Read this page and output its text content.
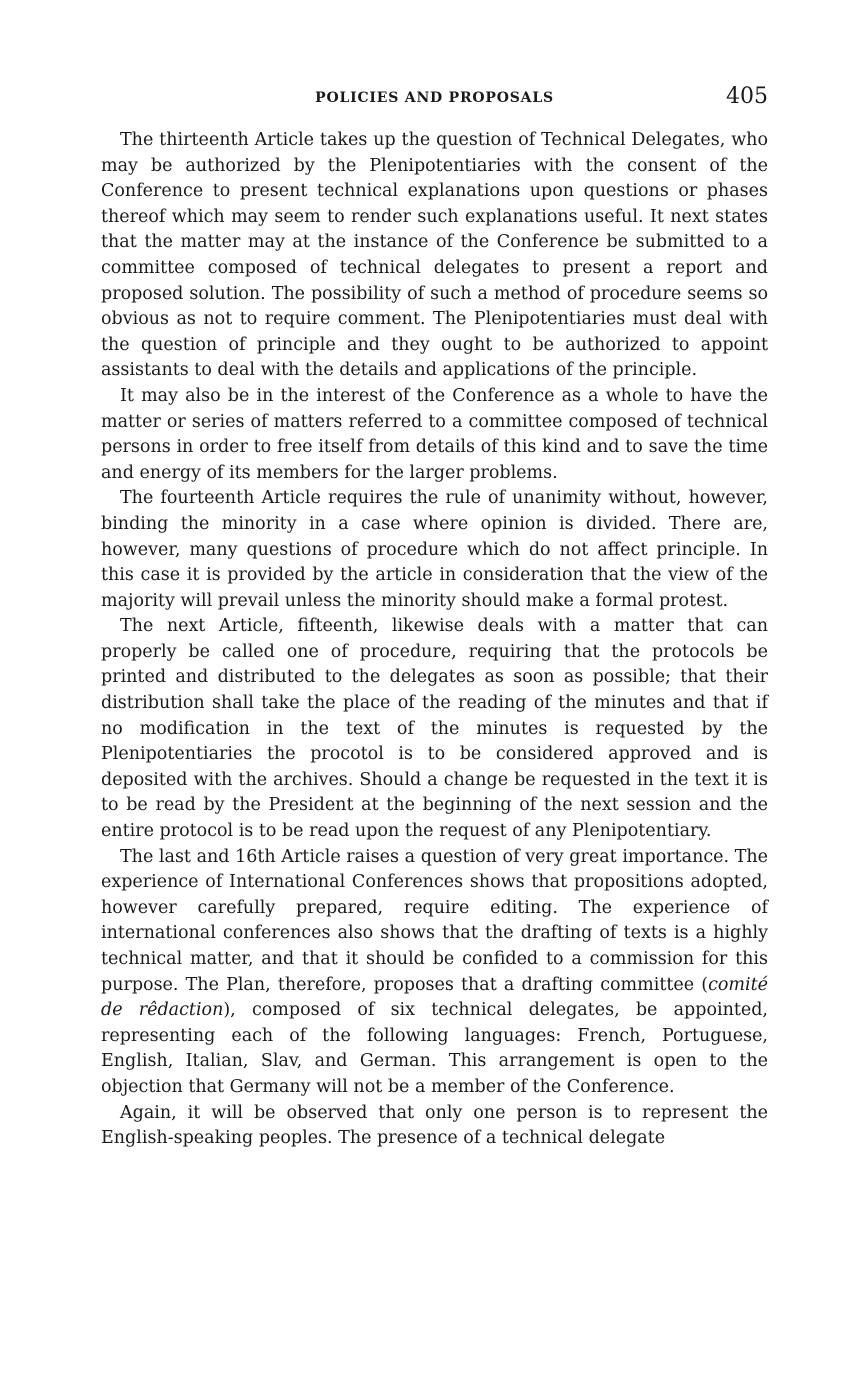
POLICIES AND PROPOSALS	405

The thirteenth Article takes up the question of Technical Delegates, who may be authorized by the Plenipotentiaries with the consent of the Conference to present technical explanations upon questions or phases thereof which may seem to render such explanations useful. It next states that the matter may at the instance of the Conference be submitted to a committee composed of technical delegates to present a report and proposed solution. The possibility of such a method of procedure seems so obvious as not to require comment. The Plenipotentiaries must deal with the question of principle and they ought to be authorized to appoint assistants to deal with the details and applications of the principle.

It may also be in the interest of the Conference as a whole to have the matter or series of matters referred to a committee composed of technical persons in order to free itself from details of this kind and to save the time and energy of its members for the larger problems.

The fourteenth Article requires the rule of unanimity without, however, binding the minority in a case where opinion is divided. There are, however, many questions of procedure which do not affect principle. In this case it is provided by the article in consideration that the view of the majority will prevail unless the minority should make a formal protest.

The next Article, fifteenth, likewise deals with a matter that can properly be called one of procedure, requiring that the protocols be printed and distributed to the delegates as soon as possible; that their distribution shall take the place of the reading of the minutes and that if no modification in the text of the minutes is requested by the Plenipotentiaries the procotol is to be considered approved and is deposited with the archives. Should a change be requested in the text it is to be read by the President at the beginning of the next session and the entire protocol is to be read upon the request of any Plenipotentiary.

The last and 16th Article raises a question of very great importance. The experience of International Conferences shows that propositions adopted, however carefully prepared, require editing. The experience of international conferences also shows that the drafting of texts is a highly technical matter, and that it should be confided to a commission for this purpose. The Plan, therefore, proposes that a drafting committee (comité de rêdaction), composed of six technical delegates, be appointed, representing each of the following languages: French, Portuguese, English, Italian, Slav, and German. This arrangement is open to the objection that Germany will not be a member of the Conference.

Again, it will be observed that only one person is to represent the English-speaking peoples. The presence of a technical delegate
